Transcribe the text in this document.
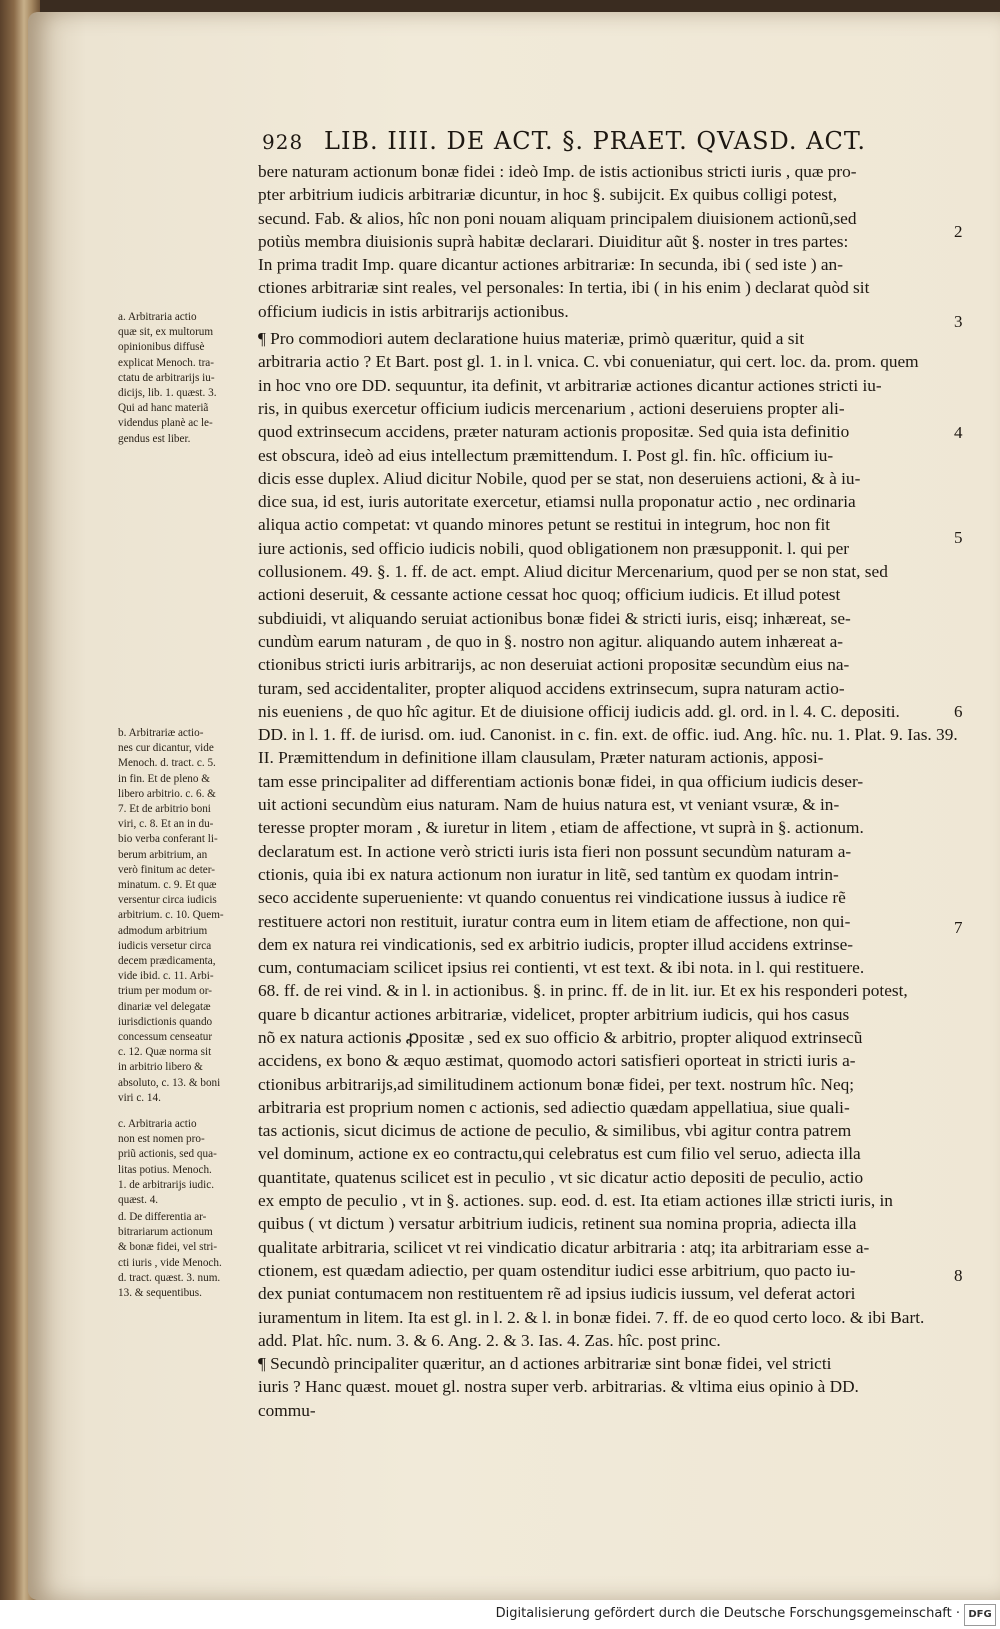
928 LIB. IIII. DE ACT. §. PRAET. QVASD. ACT.
bere naturam actionum bonæ fidei : ideò Imp. de istis actionibus stricti iuris , quæ pro-
pter arbitrium iudicis arbitrariæ dicuntur, in hoc §. subijcit. Ex quibus colligi potest,
secund. Fab. & alios, hîc non poni nouam aliquam principalem diuisionem actionũ,sed
potiùs membra diuisionis suprà habitæ declarari. Diuiditur aũt §. noster in tres partes:
In prima tradit Imp. quare dicantur actiones arbitrariæ: In secunda, ibi ( sed iste ) an-
ctiones arbitrariæ sint reales, vel personales: In tertia, ibi ( in his enim ) declarat quòd sit
officium iudicis in istis arbitrarijs actionibus.
¶ Pro commodiori autem declaratione huius materiæ, primò quæritur, quid a sit
arbitraria actio ? Et Bart. post gl. 1. in l. vnica. C. vbi conueniatur, qui cert. loc. da. prom. quem
in hoc vno ore DD. sequuntur, ita definit, vt arbitrariæ actiones dicantur actiones stricti iu-
ris, in quibus exercetur officium iudicis mercenarium , actioni deseruiens propter ali-
quod extrinsecum accidens, præter naturam actionis propositæ. Sed quia ista definitio
est obscura, ideò ad eius intellectum præmittendum. I. Post gl. fin. hîc. officium iu-
dicis esse duplex. Aliud dicitur Nobile, quod per se stat, non deseruiens actioni, & à iu-
dice sua, id est, iuris autoritate exercetur, etiamsi nulla proponatur actio , nec ordinaria
aliqua actio competat: vt quando minores petunt se restitui in integrum, hoc non fit
iure actionis, sed officio iudicis nobili, quod obligationem non præsupponit. l. qui per
collusionem. 49. §. 1. ff. de act. empt. Aliud dicitur Mercenarium, quod per se non stat, sed
actioni deseruit, & cessante actione cessat hoc quoq; officium iudicis. Et illud potest
subdiuidi, vt aliquando seruiat actionibus bonæ fidei & stricti iuris, eisq; inhæreat, se-
cundùm earum naturam , de quo in §. nostro non agitur. aliquando autem inhæreat a-
ctionibus stricti iuris arbitrarijs, ac non deseruiat actioni propositæ secundùm eius na-
turam, sed accidentaliter, propter aliquod accidens extrinsecum, supra naturam actio-
nis eueniens , de quo hîc agitur. Et de diuisione officij iudicis add. gl. ord. in l. 4. C. depositi.
DD. in l. 1. ff. de iurisd. om. iud. Canonist. in c. fin. ext. de offic. iud. Ang. hîc. nu. 1. Plat. 9. Ias. 39.
II. Præmittendum in definitione illam clausulam, Præter naturam actionis, apposi-
tam esse principaliter ad differentiam actionis bonæ fidei, in qua officium iudicis deser-
uit actioni secundùm eius naturam. Nam de huius natura est, vt veniant vsuræ, & in-
teresse propter moram , & iuretur in litem , etiam de affectione, vt suprà in §. actionum.
declaratum est. In actione verò stricti iuris ista fieri non possunt secundùm naturam a-
ctionis, quia ibi ex natura actionum non iuratur in litẽ, sed tantùm ex quodam intrin-
seco accidente superueniente: vt quando conuentus rei vindicatione iussus à iudice rẽ
restituere actori non restituit, iuratur contra eum in litem etiam de affectione, non qui-
dem ex natura rei vindicationis, sed ex arbitrio iudicis, propter illud accidens extrinse-
cum, contumaciam scilicet ipsius rei contienti, vt est text. & ibi nota. in l. qui restituere.
68. ff. de rei vind. & in l. in actionibus. §. in princ. ff. de in lit. iur. Et ex his responderi potest,
quare b dicantur actiones arbitrariæ, videlicet, propter arbitrium iudicis, qui hos casus
nõ ex natura actionis ꝓpositæ , sed ex suo officio & arbitrio, propter aliquod extrinsecũ
accidens, ex bono & æquo æstimat, quomodo actori satisfieri oporteat in stricti iuris a-
ctionibus arbitrarijs,ad similitudinem actionum bonæ fidei, per text. nostrum hîc. Neq;
arbitraria est proprium nomen c actionis, sed adiectio quædam appellatiua, siue quali-
tas actionis, sicut dicimus de actione de peculio, & similibus, vbi agitur contra patrem
vel dominum, actione ex eo contractu,qui celebratus est cum filio vel seruo, adiecta illa
quantitate, quatenus scilicet est in peculio , vt sic dicatur actio depositi de peculio, actio
ex empto de peculio , vt in §. actiones. sup. eod. d. est. Ita etiam actiones illæ stricti iuris, in
quibus ( vt dictum ) versatur arbitrium iudicis, retinent sua nomina propria, adiecta illa
qualitate arbitraria, scilicet vt rei vindicatio dicatur arbitraria : atq; ita arbitrariam esse a-
ctionem, est quædam adiectio, per quam ostenditur iudici esse arbitrium, quo pacto iu-
dex puniat contumacem non restituentem rẽ ad ipsius iudicis iussum, vel deferat actori
iuramentum in litem. Ita est gl. in l. 2. & l. in bonæ fidei. 7. ff. de eo quod certo loco. & ibi Bart.
add. Plat. hîc. num. 3. & 6. Ang. 2. & 3. Ias. 4. Zas. hîc. post princ.
¶ Secundò principaliter quæritur, an d actiones arbitrariæ sint bonæ fidei, vel stricti
iuris ? Hanc quæst. mouet gl. nostra super verb. arbitrarias. & vltima eius opinio à DD.
commu-
a. Arbitraria actio
quæ sit, ex multorum
opinionibus diffusè
explicat Menoch. tra-
ctatu de arbitrarijs iu-
dicijs, lib. 1. quæst. 3.
Qui ad hanc materiã
videndus planè ac le-
gendus est liber.
b. Arbitrariæ actio-
nes cur dicantur, vide
Menoch. d. tract. c. 5.
in fin. Et de pleno &
libero arbitrio. c. 6. &
7. Et de arbitrio boni
viri, c. 8. Et an in du-
bio verba conferant li-
berum arbitrium, an
verò finitum ac deter-
minatum. c. 9. Et quæ
versentur circa iudicis
arbitrium. c. 10. Quem-
admodum arbitrium
iudicis versetur circa
decem prædicamenta,
vide ibid. c. 11. Arbi-
trium per modum or-
dinariæ vel delegatæ
iurisdictionis quando
concessum censeatur
c. 12. Quæ norma sit
in arbitrio libero &
absoluto, c. 13. & boni
viri c. 14.
c. Arbitraria actio
non est nomen pro-
priũ actionis, sed qua-
litas potius. Menoch.
1. de arbitrarijs iudic.
quæst. 4.
d. De differentia ar-
bitrariarum actionum
& bonæ fidei, vel stri-
cti iuris , vide Menoch.
d. tract. quæst. 3. num.
13. & sequentibus.
2
3
4
5
6
7
8
Digitalisierung gefördert durch die Deutsche Forschungsgemeinschaft · DFG
